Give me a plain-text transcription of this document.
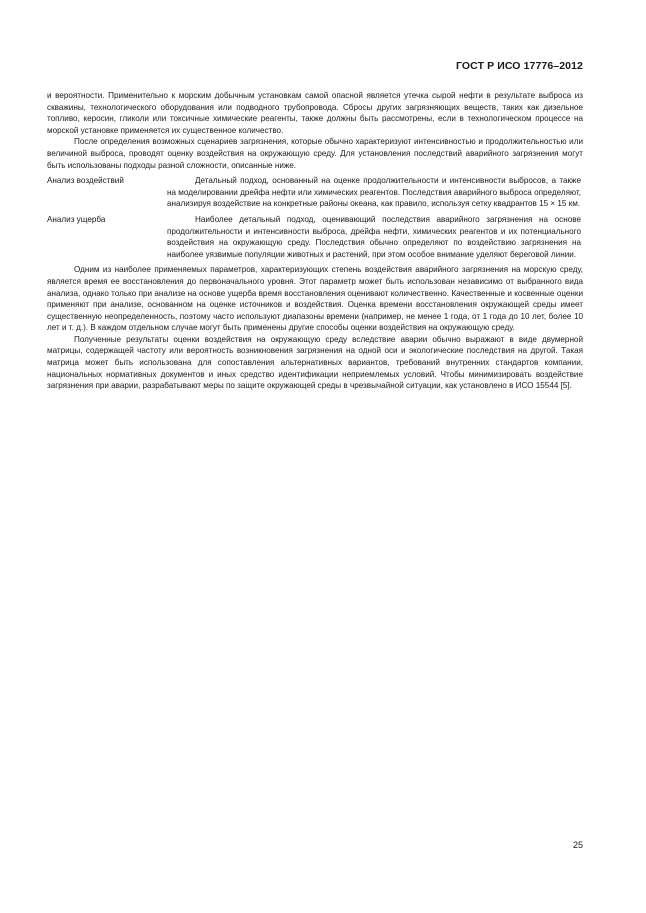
ГОСТ Р ИСО 17776–2012

и вероятности. Применительно к морским добычным установкам самой опасной является утечка сырой нефти в результате выброса из скважины, технологического оборудования или подводного трубопровода. Сбросы других загрязняющих веществ, таких как дизельное топливо, керосин, гликоли или токсичные химические реагенты, также должны быть рассмотрены, если в технологическом процессе на морской установке применяется их существенное количество.

После определения возможных сценариев загрязнения, которые обычно характеризуют интенсивностью и продолжительностью или величиной выброса, проводят оценку воздействия на окружающую среду. Для установления последствий аварийного загрязнения могут быть использованы подходы разной сложности, описанные ниже.

Анализ воздействий	Детальный подход, основанный на оценке продолжительности и интенсивности выбросов, а также на моделировании дрейфа нефти или химических реагентов. Последствия аварийного выброса определяют, анализируя воздействие на конкретные районы океана, как правило, используя сетку квадрантов 15 × 15 км.
Анализ ущерба	Наиболее детальный подход, оценивающий последствия аварийного загрязнения на основе продолжительности и интенсивности выброса, дрейфа нефти, химических реагентов и их потенциального воздействия на окружающую среду. Последствия обычно определяют по воздействию загрязнения на наиболее уязвимые популяции животных и растений, при этом особое внимание уделяют береговой линии.

Одним из наиболее применяемых параметров, характеризующих степень воздействия аварийного загрязнения на морскую среду, является время ее восстановления до первоначального уровня. Этот параметр может быть использован независимо от выбранного вида анализа, однако только при анализе на основе ущерба время восстановления оценивают количественно. Качественные и косвенные оценки применяют при анализе, основанном на оценке источников и воздействия. Оценка времени восстановления окружающей среды имеет существенную неопределенность, поэтому часто используют диапазоны времени (например, не менее 1 года, от 1 года до 10 лет, более 10 лет и т. д.). В каждом отдельном случае могут быть применены другие способы оценки воздействия на окружающую среду.

Полученные результаты оценки воздействия на окружающую среду вследствие аварии обычно выражают в виде двумерной матрицы, содержащей частоту или вероятность возникновения загрязнения на одной оси и экологические последствия на другой. Такая матрица может быть использована для сопоставления альтернативных вариантов, требований внутренних стандартов компании, национальных нормативных документов и иных средство идентификации неприемлемых условий. Чтобы минимизировать воздействие загрязнения при аварии, разрабатывают меры по защите окружающей среды в чрезвычайной ситуации, как установлено в ИСО 15544 [5].

25
